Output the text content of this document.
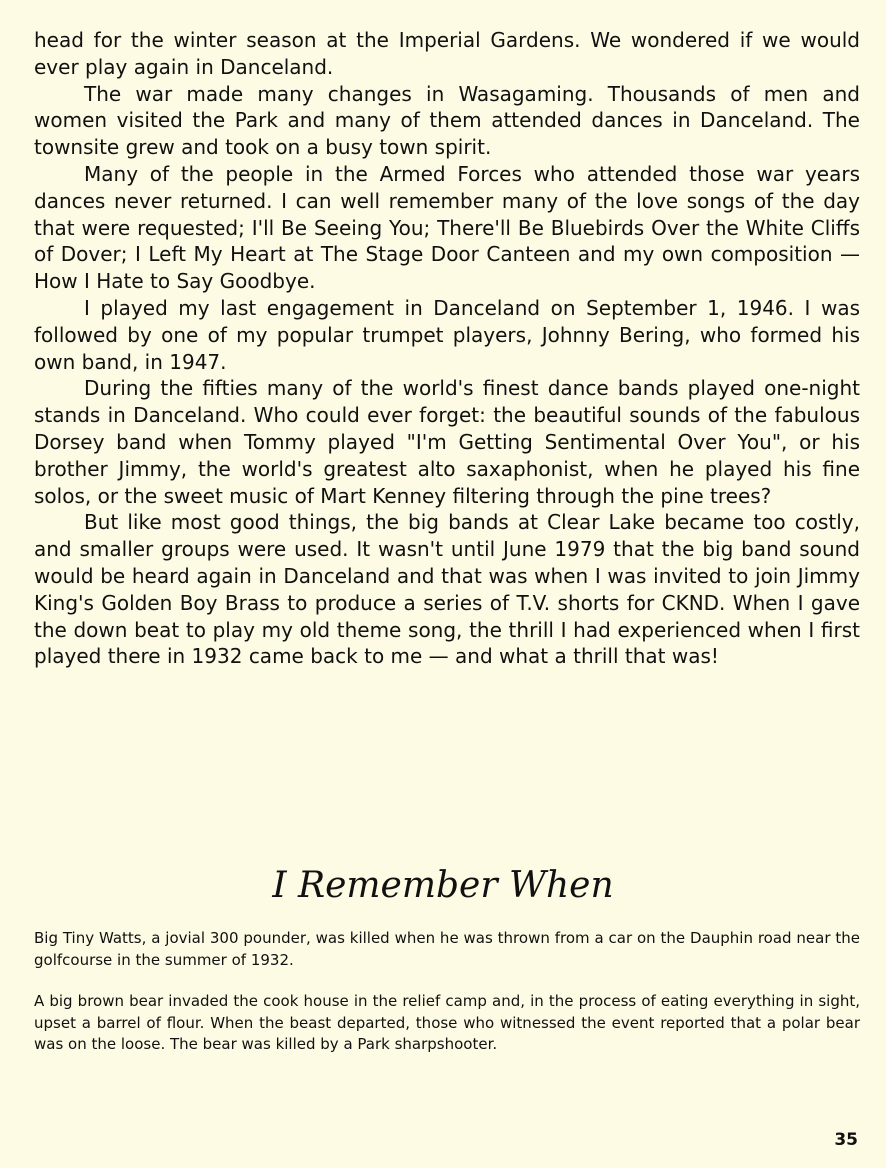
head for the winter season at the Imperial Gardens. We wondered if we would ever play again in Danceland.

The war made many changes in Wasagaming. Thousands of men and women visited the Park and many of them attended dances in Danceland. The townsite grew and took on a busy town spirit.

Many of the people in the Armed Forces who attended those war years dances never returned. I can well remember many of the love songs of the day that were requested; I'll Be Seeing You; There'll Be Bluebirds Over the White Cliffs of Dover; I Left My Heart at The Stage Door Canteen and my own composition — How I Hate to Say Goodbye.

I played my last engagement in Danceland on September 1, 1946. I was followed by one of my popular trumpet players, Johnny Bering, who formed his own band, in 1947.

During the fifties many of the world's finest dance bands played one-night stands in Danceland. Who could ever forget: the beautiful sounds of the fabulous Dorsey band when Tommy played "I'm Getting Sentimental Over You", or his brother Jimmy, the world's greatest alto saxaphonist, when he played his fine solos, or the sweet music of Mart Kenney filtering through the pine trees?

But like most good things, the big bands at Clear Lake became too costly, and smaller groups were used. It wasn't until June 1979 that the big band sound would be heard again in Danceland and that was when I was invited to join Jimmy King's Golden Boy Brass to produce a series of T.V. shorts for CKND. When I gave the down beat to play my old theme song, the thrill I had experienced when I first played there in 1932 came back to me — and what a thrill that was!

I Remember When

Big Tiny Watts, a jovial 300 pounder, was killed when he was thrown from a car on the Dauphin road near the golfcourse in the summer of 1932.

A big brown bear invaded the cook house in the relief camp and, in the process of eating everything in sight, upset a barrel of flour. When the beast departed, those who witnessed the event reported that a polar bear was on the loose. The bear was killed by a Park sharpshooter.

35
